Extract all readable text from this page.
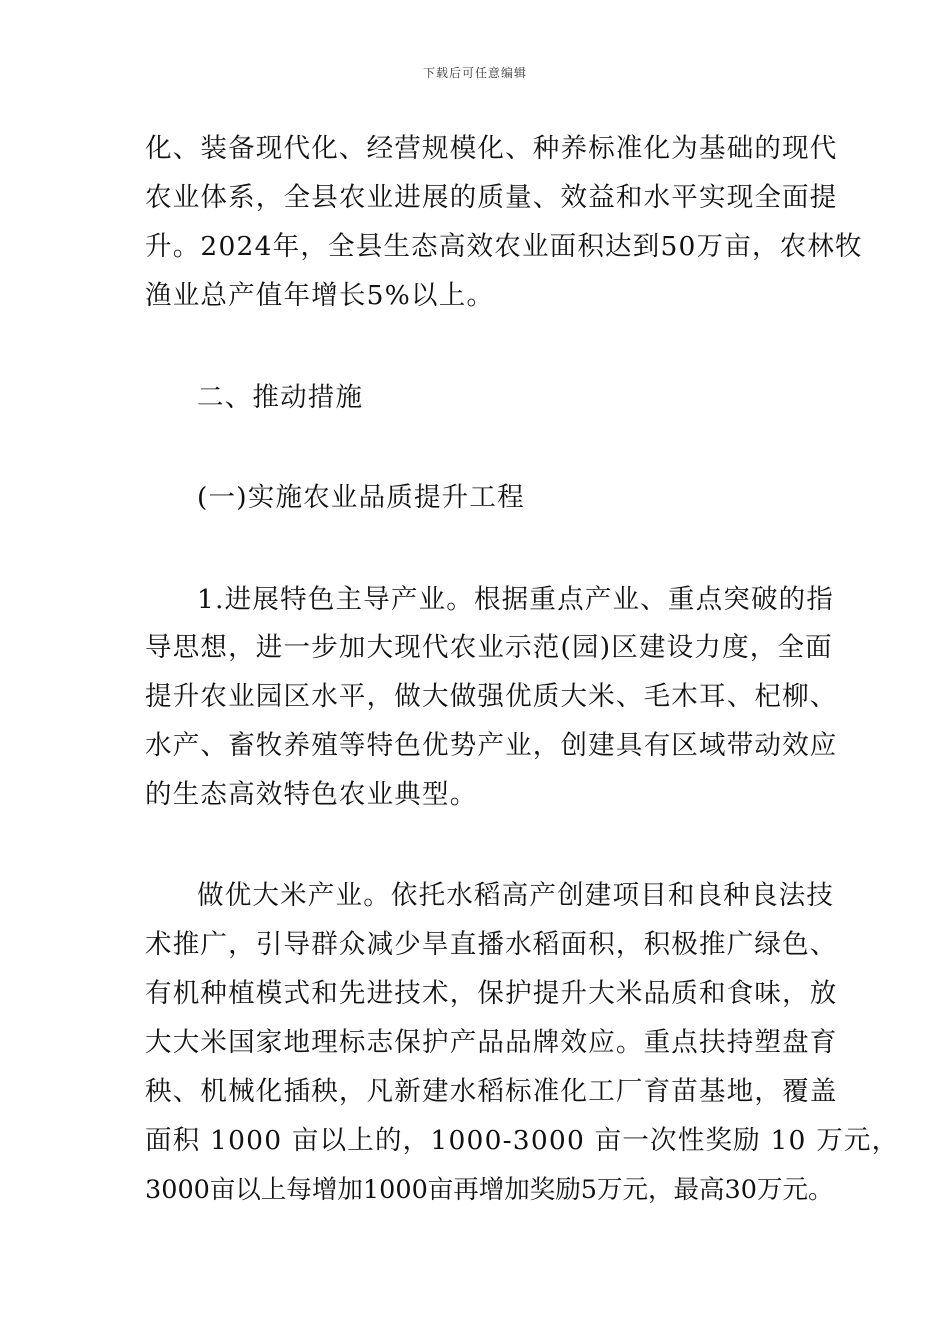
下载后可任意编辑
化、装备现代化、经营规模化、种养标准化为基础的现代
农业体系，全县农业进展的质量、效益和水平实现全面提
升。2024年，全县生态高效农业面积达到50万亩，农林牧
渔业总产值年增长5%以上。
二、推动措施
(一)实施农业品质提升工程
1.进展特色主导产业。根据重点产业、重点突破的指
导思想，进一步加大现代农业示范(园)区建设力度，全面
提升农业园区水平，做大做强优质大米、毛木耳、杞柳、
水产、畜牧养殖等特色优势产业，创建具有区域带动效应
的生态高效特色农业典型。
做优大米产业。依托水稻高产创建项目和良种良法技
术推广，引导群众减少旱直播水稻面积，积极推广绿色、
有机种植模式和先进技术，保护提升大米品质和食味，放
大大米国家地理标志保护产品品牌效应。重点扶持塑盘育
秧、机械化插秧，凡新建水稻标准化工厂育苗基地，覆盖
面积 1000 亩以上的，1000-3000 亩一次性奖励 10 万元，
3000亩以上每增加1000亩再增加奖励5万元，最高30万元。
